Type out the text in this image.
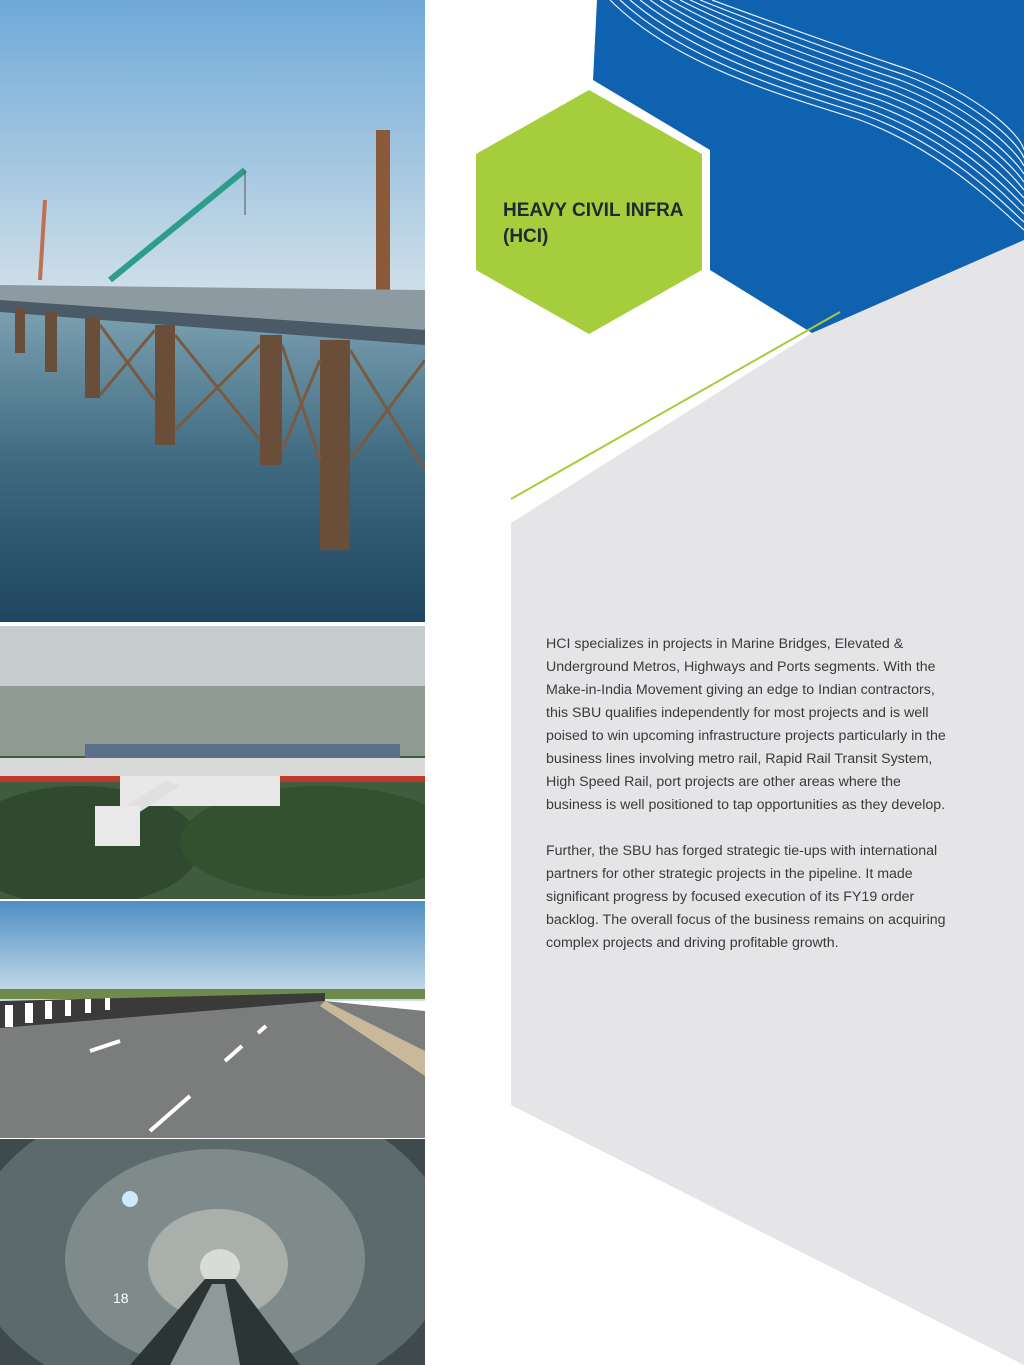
HEAVY CIVIL INFRA
(HCI)

HCI specializes in projects in Marine Bridges, Elevated & Underground Metros, Highways and Ports segments. With the Make-in-India Movement giving an edge to Indian contractors, this SBU qualifies independently for most projects and is well poised to win upcoming infrastructure projects particularly in the business lines involving metro rail, Rapid Rail Transit System, High Speed Rail, port projects are other areas where the business is well positioned to tap opportunities as they develop.

Further, the SBU has forged strategic tie-ups with international partners for other strategic projects in the pipeline. It made significant progress by focused execution of its FY19 order backlog. The overall focus of the business remains on acquiring complex projects and driving profitable growth.

18
